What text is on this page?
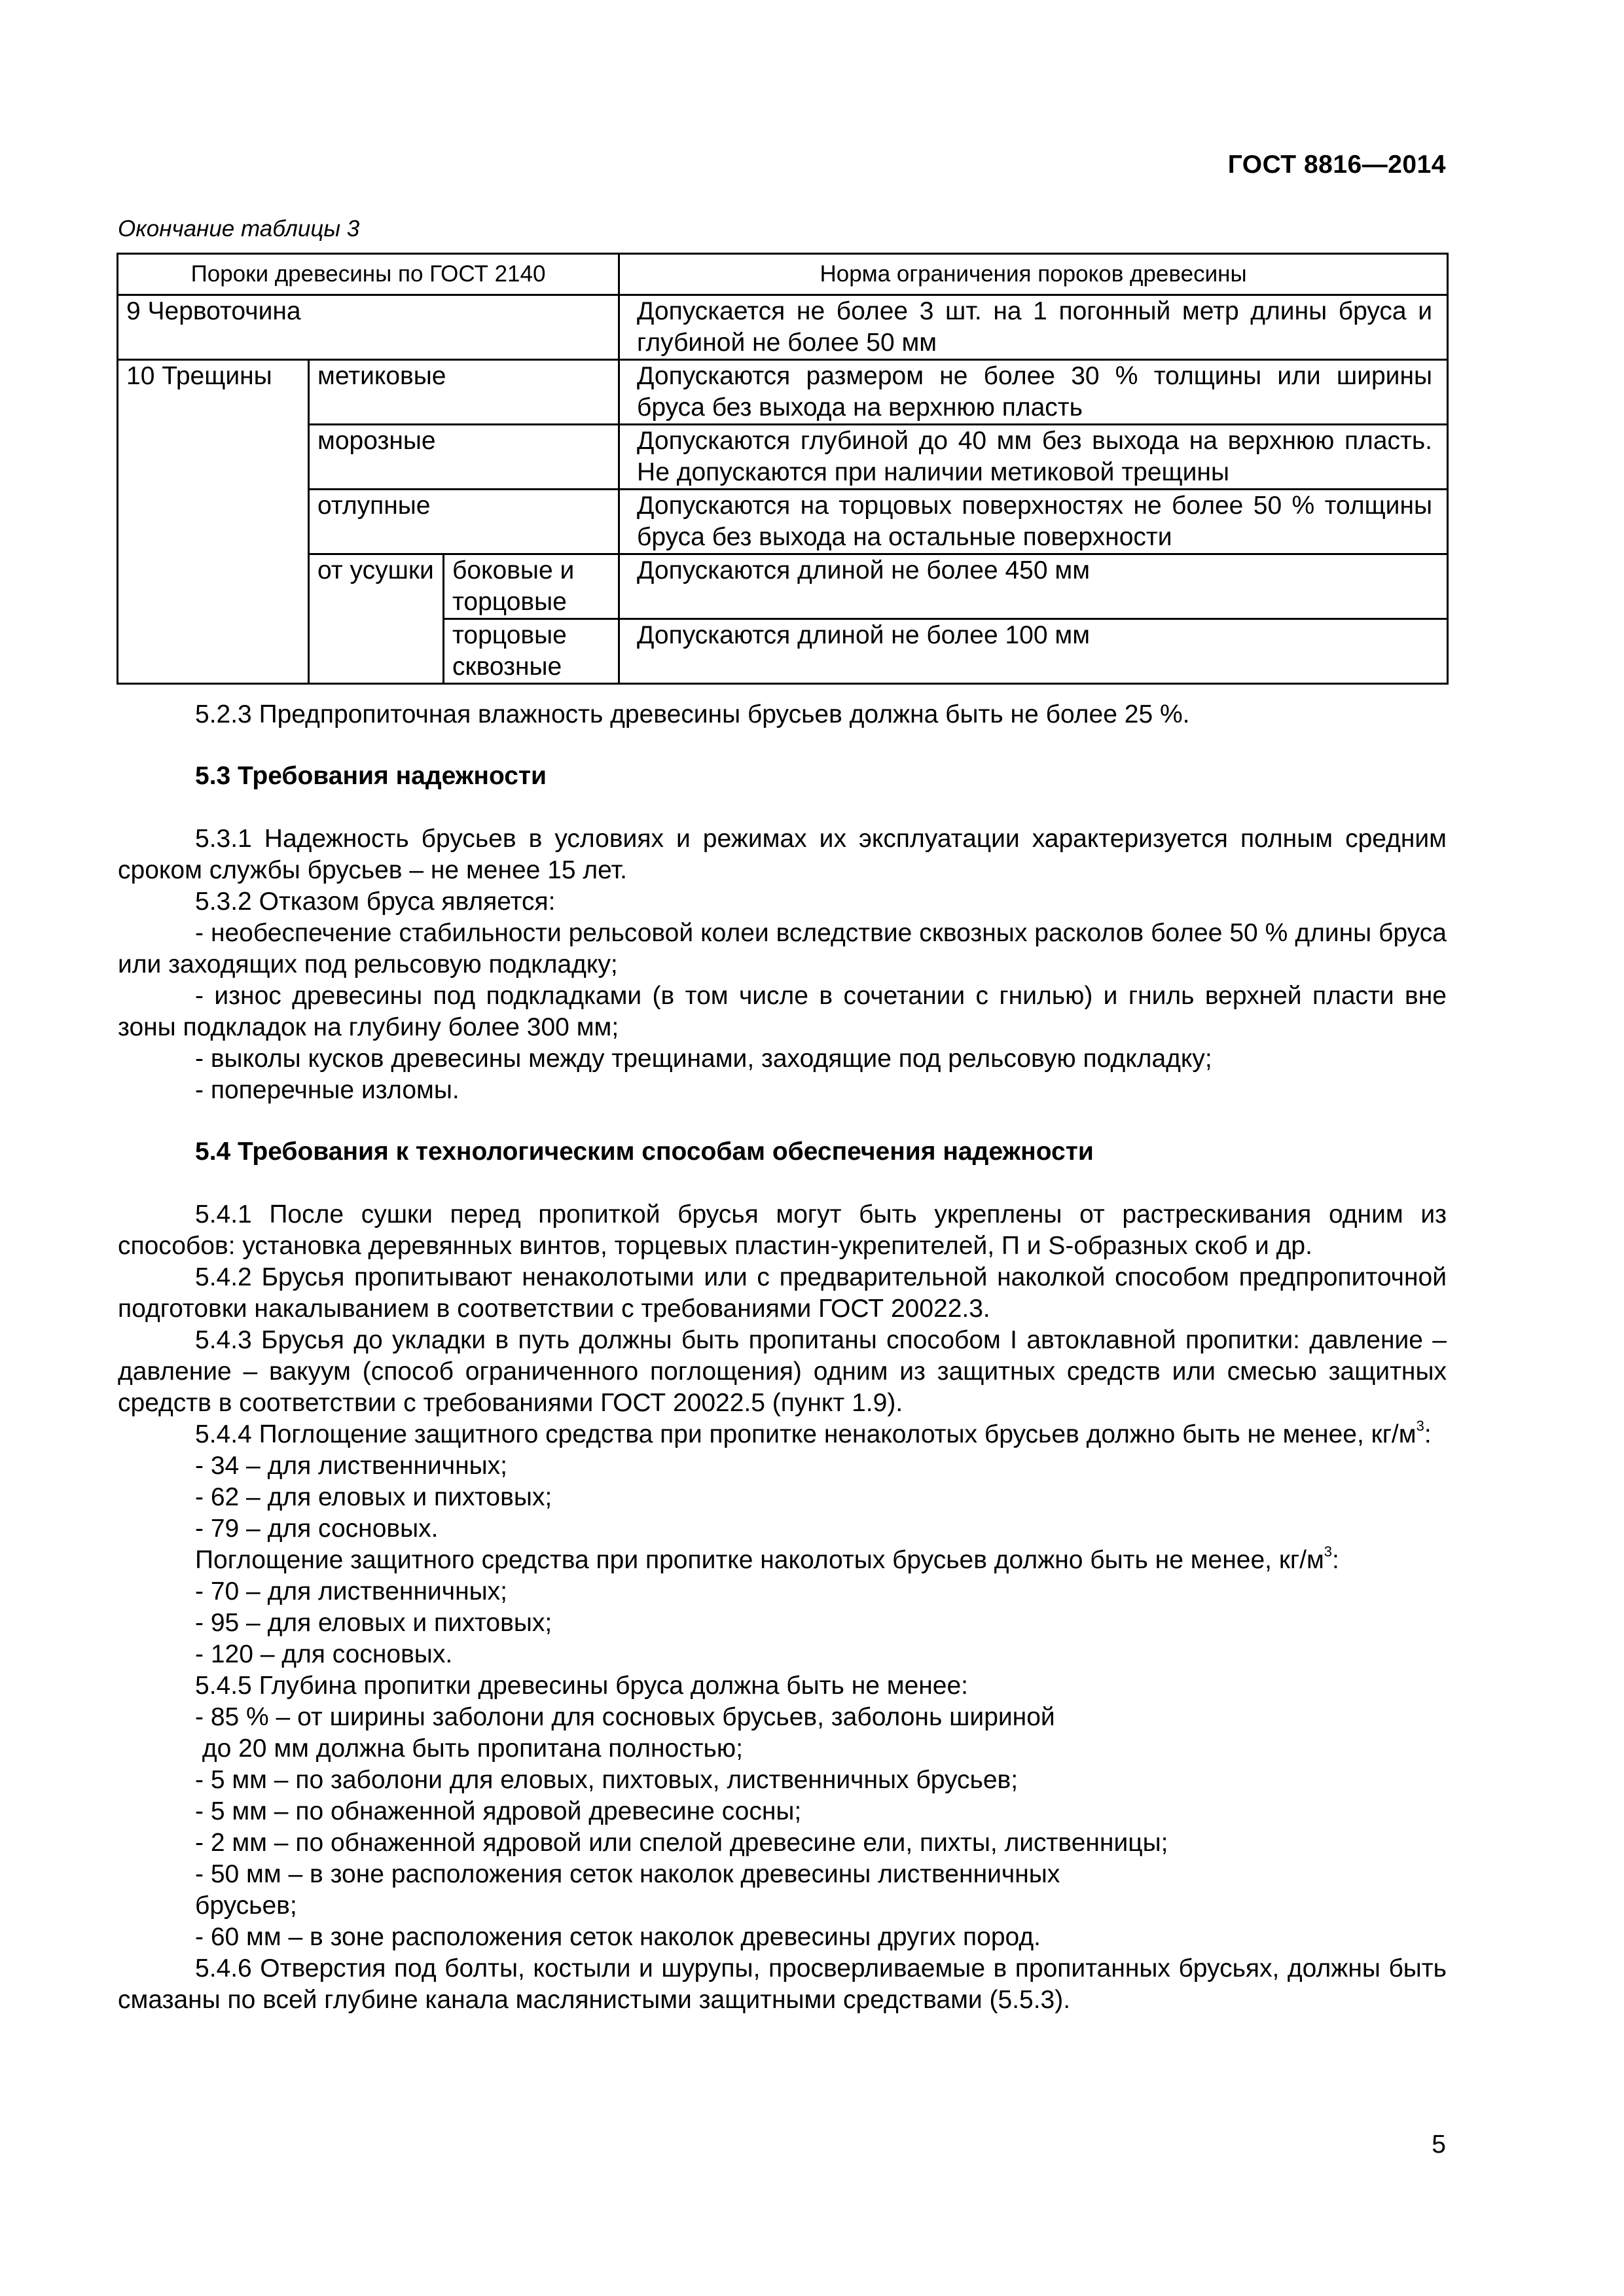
ГОСТ 8816—2014
Окончание таблицы 3
Пороки древесины по ГОСТ 2140			Норма ограничения пороков древесины
9 Червоточина			Допускается не более 3 шт. на 1 погонный метр длины бруса и глубиной не более 50 мм
10 Трещины	метиковые		Допускаются размером не более 30 % толщины или ширины бруса без выхода на верхнюю пласть
	морозные		Допускаются глубиной до 40 мм без выхода на верхнюю пласть. Не допускаются при наличии метиковой трещины
	отлупные		Допускаются на торцовых поверхностях не более 50 % толщины бруса без выхода на остальные поверхности
	от усушки	боковые и торцовые	Допускаются длиной не более 450 мм
		торцовые сквозные	Допускаются длиной не более 100 мм

5.2.3 Предпропиточная влажность древесины брусьев должна быть не более 25 %.

5.3 Требования надежности

5.3.1 Надежность брусьев в условиях и режимах их эксплуатации характеризуется полным средним сроком службы брусьев – не менее 15 лет.

5.3.2 Отказом бруса является:

- необеспечение стабильности рельсовой колеи вследствие сквозных расколов более 50 % длины бруса или заходящих под рельсовую подкладку;

- износ древесины под подкладками (в том числе в сочетании с гнилью) и гниль верхней пласти вне зоны подкладок на глубину более 300 мм;

- выколы кусков древесины между трещинами, заходящие под рельсовую подкладку;

- поперечные изломы.

5.4 Требования к технологическим способам обеспечения надежности

5.4.1 После сушки перед пропиткой брусья могут быть укреплены от растрескивания одним из способов: установка деревянных винтов, торцевых пластин-укрепителей, П и S-образных скоб и др.

5.4.2 Брусья пропитывают ненаколотыми или с предварительной наколкой способом предпропиточной подготовки накалыванием в соответствии с требованиями ГОСТ 20022.3.

5.4.3 Брусья до укладки в путь должны быть пропитаны способом I автоклавной пропитки: давление – давление – вакуум (способ ограниченного поглощения) одним из защитных средств или смесью защитных средств в соответствии с требованиями ГОСТ 20022.5 (пункт 1.9).

5.4.4 Поглощение защитного средства при пропитке ненаколотых брусьев должно быть не менее, $кг/м^3$:

- 34 – для лиственничных;

- 62 – для еловых и пихтовых;

- 79 – для сосновых.

Поглощение защитного средства при пропитке наколотых брусьев должно быть не менее, $кг/м^3$:

- 70 – для лиственничных;

- 95 – для еловых и пихтовых;

- 120 – для сосновых.

5.4.5 Глубина пропитки древесины бруса должна быть не менее:

- 85 % – от ширины заболони для сосновых брусьев, заболонь шириной

до 20 мм должна быть пропитана полностью;

- 5 мм – по заболони для еловых, пихтовых, лиственничных брусьев;

- 5 мм – по обнаженной ядровой древесине сосны;

- 2 мм – по обнаженной ядровой или спелой древесине ели, пихты, лиственницы;

- 50 мм – в зоне расположения сеток наколок древесины лиственничных

брусьев;

- 60 мм – в зоне расположения сеток наколок древесины других пород.

5.4.6 Отверстия под болты, костыли и шурупы, просверливаемые в пропитанных брусьях, должны быть смазаны по всей глубине канала маслянистыми защитными средствами (5.5.3).

5
